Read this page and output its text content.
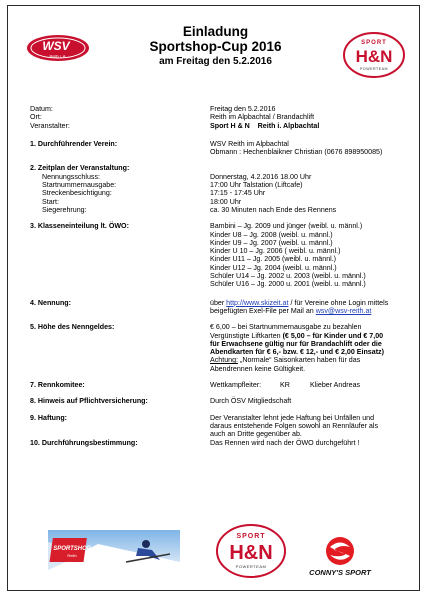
WSV
Reith i. A.
Einladung
Sportshop-Cup 2016
am Freitag den 5.2.2016
SPORT
H&N
POWERTEAM
Datum:	Freitag den 5.2.2016
Ort:	Reith im Alpbachtal / Brandachlift
Veranstalter:	Sport H & N    Reith i. Alpbachtal
1. Durchführender Verein:	WSV Reith im Alpbachtal
Obmann : Hechenblaikner Christian (0676 898950085)
2. Zeitplan der Veranstaltung:
Nennungsschluss:	Donnerstag, 4.2.2016 18.00 Uhr
Startnummernausgabe:	17:00 Uhr Talstation (Liftcafe)
Streckenbesichtigung:	17:15 - 17:45 Uhr
Start:	18:00 Uhr
Siegerehrung:	ca. 30 Minuten nach Ende des Rennens
3. Klasseneinteilung lt. ÖWO:	Bambini – Jg. 2009 und jünger (weibl. u. männl.)
Kinder U8 – Jg. 2008 (weibl. u. männl.)
Kinder U9 – Jg. 2007 (weibl. u. männl.)
Kinder U 10 – Jg. 2006 ( weibl. u. männl.)
Kinder U11 – Jg. 2005 (weibl. u. männl.)
Kinder U12 – Jg. 2004 (weibl. u. männl.)
Schüler U14 – Jg. 2002 u. 2003 (weibl. u. männl.)
Schüler U16 – Jg. 2000 u. 2001 (weibl. u. männl.)
4. Nennung:	über http://www.skizeit.at / für Vereine ohne Login mittels
beigefügten Exel-File per Mail an wsv@wsv-reith.at
5. Höhe des Nenngeldes:	€ 6,00 – bei Startnummernausgabe zu bezahlen
Vergünstigte Liftkarten (€ 5,00 – für Kinder und € 7,00
für Erwachsene gültig nur für Brandachlift oder die
Abendkarten für € 6,- bzw. € 12,- und € 2,00 Einsatz)
Achtung: „Normale“ Saisonkarten haben für das
Abendrennen keine Gültigkeit.
7. Rennkomitee:	Wettkampfleiter:	KR	Klieber Andreas
8. Hinweis auf Pflichtversicherung:	Durch ÖSV Mitgliedschaft
9. Haftung:	Der Veranstalter lehnt jede Haftung bei Unfällen und
daraus entstehende Folgen sowohl an Rennläufer als
auch an Dritte gegenüber ab.
10. Durchführungsbestimmung:	Das Rennen wird nach der ÖWO durchgeführt !
SPORTSHOP
Reith
SPORT
H&N
POWERTEAM
CONNY'S SPORT
